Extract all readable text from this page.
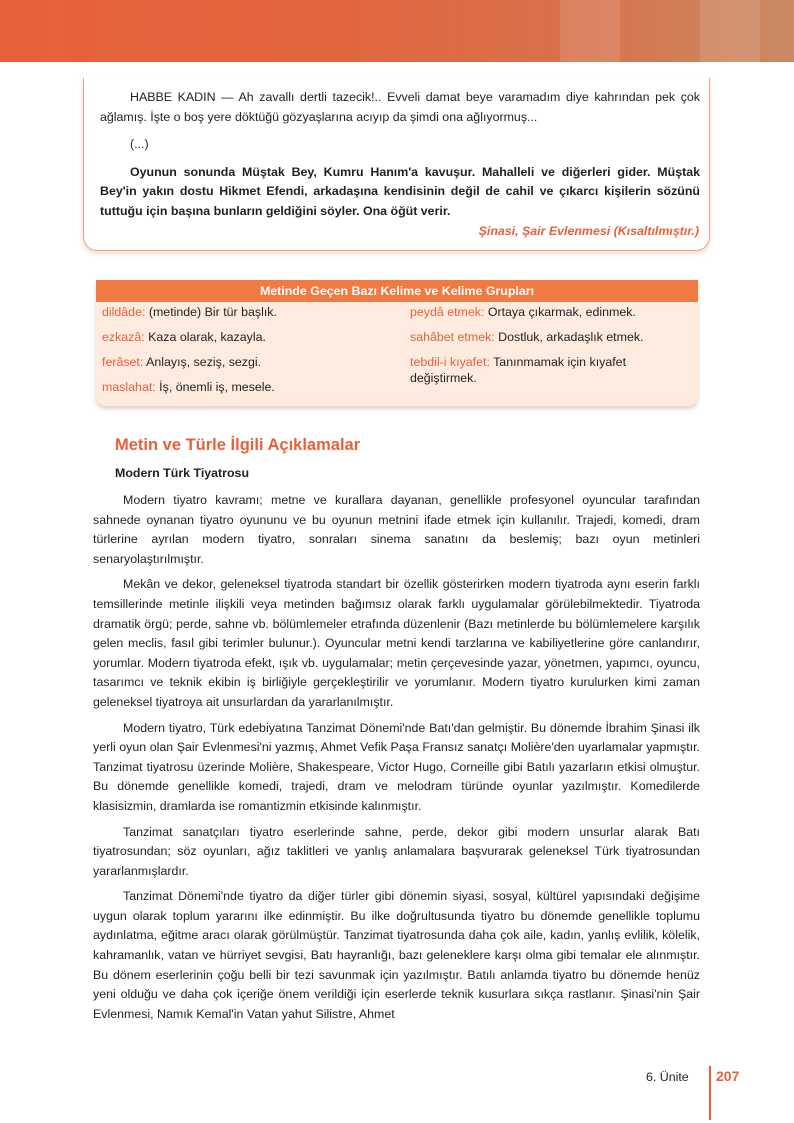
HABBE KADIN — Ah zavallı dertli tazecik!.. Evveli damat beye varamadım diye kahrından pek çok ağlamış. İşte o boş yere döktüğü gözyaşlarına acıyıp da şimdi ona ağlıyormuş...

(...)

Oyunun sonunda Müştak Bey, Kumru Hanım'a kavuşur. Mahalleli ve diğerleri gider. Müştak Bey'in yakın dostu Hikmet Efendi, arkadaşına kendisinin değil de cahil ve çıkarcı kişilerin sözünü tuttuğu için başına bunların geldiğini söyler. Ona öğüt verir.

Şinasi, Şair Evlenmesi (Kısaltılmıştır.)
Metinde Geçen Bazı Kelime ve Kelime Grupları
dildâde: (metinde) Bir tür başlık.
ezkazâ: Kaza olarak, kazayla.
ferâset: Anlayış, seziş, sezgi.
maslahat: İş, önemli iş, mesele.
peydâ etmek: Ortaya çıkarmak, edinmek.
sahâbet etmek: Dostluk, arkadaşlık etmek.
tebdil-i kıyafet: Tanınmamak için kıyafet değiştirmek.
Metin ve Türle İlgili Açıklamalar
Modern Türk Tiyatrosu

Modern tiyatro kavramı; metne ve kurallara dayanan, genellikle profesyonel oyuncular tarafından sahnede oynanan tiyatro oyununu ve bu oyunun metnini ifade etmek için kullanılır. Trajedi, komedi, dram türlerine ayrılan modern tiyatro, sonraları sinema sanatını da beslemiş; bazı oyun metinleri senaryolaştırılmıştır.

Mekân ve dekor, geleneksel tiyatroda standart bir özellik gösterirken modern tiyatroda aynı eserin farklı temsillerinde metinle ilişkili veya metinden bağımsız olarak farklı uygulamalar görülebilmektedir. Tiyatroda dramatik örgü; perde, sahne vb. bölümlemeler etrafında düzenlenir (Bazı metinlerde bu bölümlemelere karşılık gelen meclis, fasıl gibi terimler bulunur.). Oyuncular metni kendi tarzlarına ve kabiliyetlerine göre canlandırır, yorumlar. Modern tiyatroda efekt, ışık vb. uygulamalar; metin çerçevesinde yazar, yönetmen, yapımcı, oyuncu, tasarımcı ve teknik ekibin iş birliğiyle gerçekleştirilir ve yorumlanır. Modern tiyatro kurulurken kimi zaman geleneksel tiyatroya ait unsurlardan da yararlanılmıştır.

Modern tiyatro, Türk edebiyatına Tanzimat Dönemi'nde Batı'dan gelmiştir. Bu dönemde İbrahim Şinasi ilk yerli oyun olan Şair Evlenmesi'ni yazmış, Ahmet Vefik Paşa Fransız sanatçı Molière'den uyarlamalar yapmıştır. Tanzimat tiyatrosu üzerinde Molière, Shakespeare, Victor Hugo, Corneille gibi Batılı yazarların etkisi olmuştur. Bu dönemde genellikle komedi, trajedi, dram ve melodram türünde oyunlar yazılmıştır. Komedilerde klasisizmin, dramlarda ise romantizmin etkisinde kalınmıştır.

Tanzimat sanatçıları tiyatro eserlerinde sahne, perde, dekor gibi modern unsurlar alarak Batı tiyatrosundan; söz oyunları, ağız taklitleri ve yanlış anlamalara başvurarak geleneksel Türk tiyatrosundan yararlanmışlardır.

Tanzimat Dönemi'nde tiyatro da diğer türler gibi dönemin siyasi, sosyal, kültürel yapısındaki değişime uygun olarak toplum yararını ilke edinmiştir. Bu ilke doğrultusunda tiyatro bu dönemde genellikle toplumu aydınlatma, eğitme aracı olarak görülmüştür. Tanzimat tiyatrosunda daha çok aile, kadın, yanlış evlilik, kölelik, kahramanlık, vatan ve hürriyet sevgisi, Batı hayranlığı, bazı geleneklere karşı olma gibi temalar ele alınmıştır. Bu dönem eserlerinin çoğu belli bir tezi savunmak için yazılmıştır. Batılı anlamda tiyatro bu dönemde henüz yeni olduğu ve daha çok içeriğe önem verildiği için eserlerde teknik kusurlara sıkça rastlanır. Şinasi'nin Şair Evlenmesi, Namık Kemal'in Vatan yahut Silistre, Ahmet

6. Ünite 207
